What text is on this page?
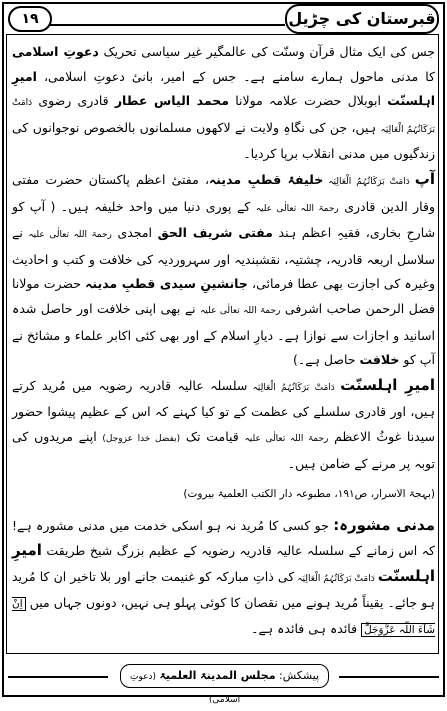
۱۹	قبرستان کی چڑیل

جس کی ایک مثال قرآن وسنّت کی عالمگیر غیر سیاسی تحریک دعوتِ اسلامی کا مدنی ماحول ہمارے سامنے ہے۔ جس کے امیر، بانیٔ دعوتِ اسلامی، امیرِ اہلسنّت ابوبلال حضرت علامہ مولانا محمد الیاس عطار قادری رضوی دَامَتْ بَرَکَاتُہُمُ الْعَالِیَہ ہیں، جن کی نگاہِ ولایت نے لاکھوں مسلمانوں بالخصوص نوجوانوں کی زندگیوں میں مدنی انقلاب برپا کردیا۔

آپ دَامَتْ بَرَکَاتُہُمُ الْعَالِیَہ خلیفۂ قطبِ مدینہ، مفتیٔ اعظم پاکستان حضرت مفتی وقار الدین قادری رحمۃ اللہ تعالٰی علیہ کے پوری دنیا میں واحد خلیفہ ہیں۔ ( آپ کو شارحِ بخاری، فقیہِ اعظم ہند مفتی شریف الحق امجدی رحمۃ اللہ تعالٰی علیہ نے سلاسل اربعہ قادریہ، چشتیہ، نقشبندیہ اور سہروردیہ کی خلافت و کتب و احادیث وغیرہ کی اجازت بھی عطا فرمائی، جانشینِ سیدی قطبِ مدینہ حضرت مولانا فضل الرحمن صاحب اشرفی رحمۃ اللہ تعالٰی علیہ نے بھی اپنی خلافت اور حاصل شدہ اسانید و اجازات سے نوازا ہے۔ دیارِ اسلام کے اور بھی کئی اکابر علماء و مشائخ نے آپ کو خلافت حاصل ہے۔)

امیرِ اہلسنّت دَامَتْ بَرَکَاتُہُمُ الْعَالِیَہ سلسلہ عالیہ قادریہ رضویہ میں مُرید کرتے ہیں، اور قادری سلسلے کی عظمت کے تو کیا کہنے کہ اس کے عظیم پیشوا حضور سیدنا غوثُ الاعظم رحمۃ اللہ تعالٰی علیہ قیامت تک (بفضل خدا عزوجل) اپنے مریدوں کی توبہ پر مرنے کے ضامن ہیں۔

(بہجۃ الاسرار، ص۱۹۱، مطبوعہ دار الکتب العلمیۃ بیروت)

مدنی مشورہ: جو کسی کا مُرید نہ ہو اسکی خدمت میں مدنی مشورہ ہے! کہ اس زمانے کے سلسلہ عالیہ قادریہ رضویہ کے عظیم بزرگ شیخ طریقت امیرِ اہلسنّت دَامَتْ بَرَکَاتُہُمُ الْعَالِیَہ کی ذاتِ مبارکہ کو غنیمت جانے اور بلا تاخیر ان کا مُرید ہو جائے۔ یقیناً مُرید ہونے میں نقصان کا کوئی پہلو ہی نہیں، دونوں جہاں میں اِنْ شَآءَ اللّٰہ عَزَّوَجَلَّ فائدہ ہی فائدہ ہے۔

پیشکش: مجلس المدینۃ العلمیۃ (دعوتِ اسلامی)
